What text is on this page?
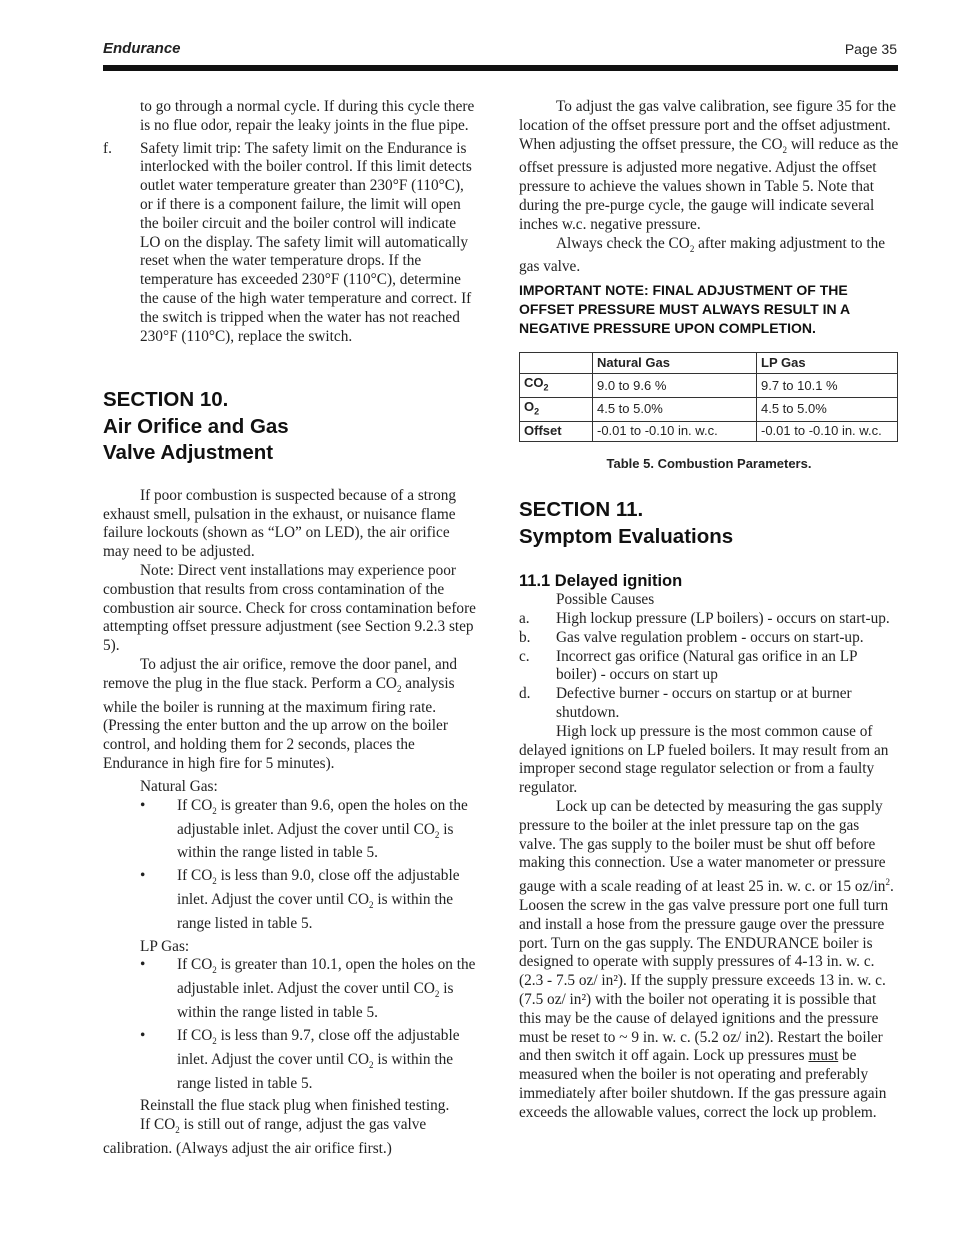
Endurance	Page 35

to go through a normal cycle. If during this cycle there is no flue odor, repair the leaky joints in the flue pipe.

f.	Safety limit trip: The safety limit on the Endurance is interlocked with the boiler control. If this limit detects outlet water temperature greater than 230°F (110°C), or if there is a component failure, the limit will open the boiler circuit and the boiler control will indicate LO on the display. The safety limit will automatically reset when the water temperature drops. If the temperature has exceeded 230°F (110°C), determine the cause of the high water temperature and correct. If the switch is tripped when the water has not reached 230°F (110°C), replace the switch.
SECTION 10.
Air Orifice and Gas
Valve Adjustment

If poor combustion is suspected because of a strong exhaust smell, pulsation in the exhaust, or nuisance flame failure lockouts (shown as “LO” on LED), the air orifice may need to be adjusted.

Note: Direct vent installations may experience poor combustion that results from cross contamination of the combustion air source. Check for cross contamination before attempting offset pressure adjustment (see Section 9.2.3 step 5).

To adjust the air orifice, remove the door panel, and remove the plug in the flue stack. Perform a $CO_2$ analysis while the boiler is running at the maximum firing rate. (Pressing the enter button and the up arrow on the boiler control, and holding them for 2 seconds, places the Endurance in high fire for 5 minutes).

Natural Gas:

•	If $CO_2$ is greater than 9.6, open the holes on the adjustable inlet. Adjust the cover until $CO_2$ is within the range listed in table 5.
•	If $CO_2$ is less than 9.0, close off the adjustable inlet. Adjust the cover until $CO_2$ is within the range listed in table 5.

LP Gas:

•	If $CO_2$ is greater than 10.1, open the holes on the adjustable inlet. Adjust the cover until $CO_2$ is within the range listed in table 5.
•	If $CO_2$ is less than 9.7, close off the adjustable inlet. Adjust the cover until $CO_2$ is within the range listed in table 5.

Reinstall the flue stack plug when finished testing.

If $CO_2$ is still out of range, adjust the gas valve calibration. (Always adjust the air orifice first.)

To adjust the gas valve calibration, see figure 35 for the location of the offset pressure port and the offset adjustment. When adjusting the offset pressure, the $CO_2$ will reduce as the offset pressure is adjusted more negative. Adjust the offset pressure to achieve the values shown in Table 5. Note that during the pre-purge cycle, the gauge will indicate several inches w.c. negative pressure.

Always check the $CO_2$ after making adjustment to the gas valve.

IMPORTANT NOTE: FINAL ADJUSTMENT OF THE OFFSET PRESSURE MUST ALWAYS RESULT IN A NEGATIVE PRESSURE UPON COMPLETION.

	Natural Gas	LP Gas
$CO_2$	9.0 to 9.6 %	9.7 to 10.1 %
$O_2$	4.5 to 5.0%	4.5 to 5.0%
Offset	-0.01 to -0.10 in. w.c.	-0.01 to -0.10 in. w.c.

Table 5. Combustion Parameters.

SECTION 11.
Symptom Evaluations

11.1 Delayed ignition

Possible Causes

a.	High lockup pressure (LP boilers) - occurs on start-up.
b.	Gas valve regulation problem - occurs on start-up.
c.	Incorrect gas orifice (Natural gas orifice in an LP boiler) - occurs on start up
d.	Defective burner - occurs on startup or at burner shutdown.

High lock up pressure is the most common cause of delayed ignitions on LP fueled boilers. It may result from an improper second stage regulator selection or from a faulty regulator.

Lock up can be detected by measuring the gas supply pressure to the boiler at the inlet pressure tap on the gas valve. The gas supply to the boiler must be shut off before making this connection. Use a water manometer or pressure gauge with a scale reading of at least 25 in. w. c. or 15 $oz/in^2$. Loosen the screw in the gas valve pressure port one full turn and install a hose from the pressure gauge over the pressure port. Turn on the gas supply. The ENDURANCE boiler is designed to operate with supply pressures of 4-13 in. w. c. (2.3 - 7.5 oz/ in²). If the supply pressure exceeds 13 in. w. c. (7.5 oz/ in²) with the boiler not operating it is possible that this may be the cause of delayed ignitions and the pressure must be reset to ~ 9 in. w. c. (5.2 oz/ in2). Restart the boiler and then switch it off again. Lock up pressures must be measured when the boiler is not operating and preferably immediately after boiler shutdown. If the gas pressure again exceeds the allowable values, correct the lock up problem.
